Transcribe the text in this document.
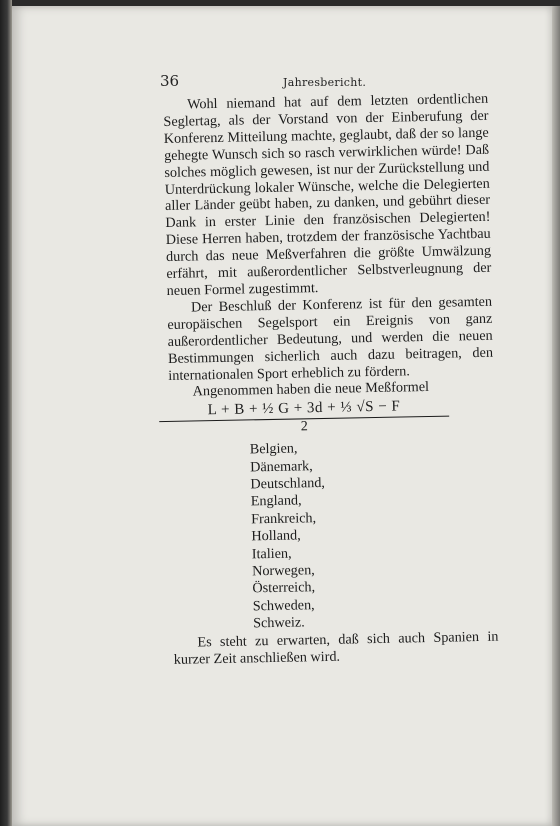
36	Jahresbericht.

Wohl niemand hat auf dem letzten ordentlichen Seglertag, als der Vorstand von der Einberufung der Konferenz Mitteilung machte, geglaubt, daß der so lange gehegte Wunsch sich so rasch verwirklichen würde! Daß solches möglich gewesen, ist nur der Zurückstellung und Unterdrückung lokaler Wünsche, welche die Delegierten aller Länder geübt haben, zu danken, und gebührt dieser Dank in erster Linie den französischen Delegierten! Diese Herren haben, trotzdem der französische Yachtbau durch das neue Meßverfahren die größte Umwälzung erfährt, mit außerordentlicher Selbstverleugnung der neuen Formel zugestimmt.

Der Beschluß der Konferenz ist für den gesamten europäischen Segelsport ein Ereignis von ganz außerordentlicher Bedeutung, und werden die neuen Bestimmungen sicherlich auch dazu beitragen, den internationalen Sport erheblich zu fördern.

Angenommen haben die neue Meßformel

L + B + ½ G + 3d + ⅓ √S − F
2
Belgien,
Dänemark,
Deutschland,
England,
Frankreich,
Holland,
Italien,
Norwegen,
Österreich,
Schweden,
Schweiz.

Es steht zu erwarten, daß sich auch Spanien in kurzer Zeit anschließen wird.
